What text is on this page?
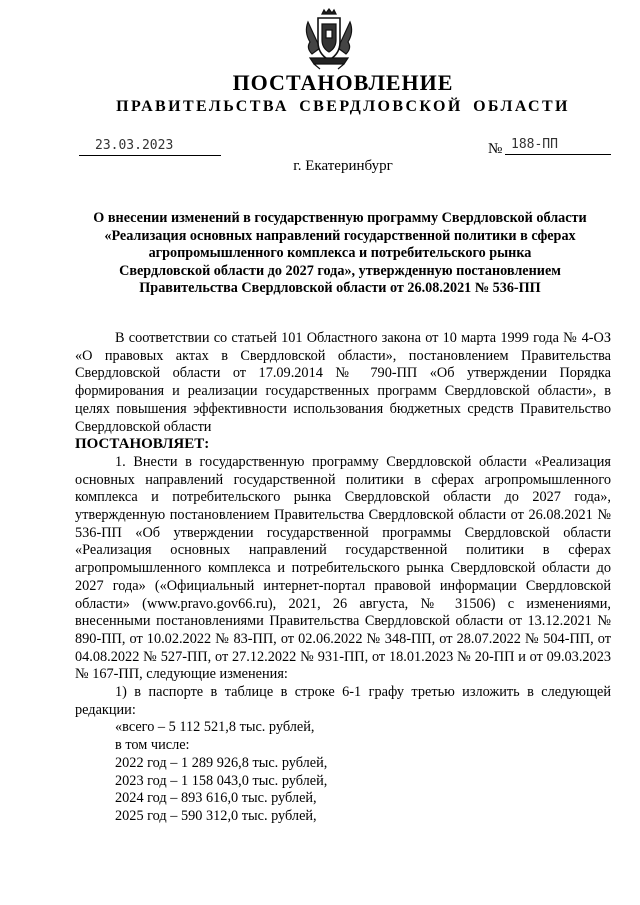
ПОСТАНОВЛЕНИЕ
ПРАВИТЕЛЬСТВА СВЕРДЛОВСКОЙ ОБЛАСТИ
23.03.2023	№ 188-ПП
г. Екатеринбург
О внесении изменений в государственную программу Свердловской области
«Реализация основных направлений государственной политики в сферах
агропромышленного комплекса и потребительского рынка
Свердловской области до 2027 года», утвержденную постановлением
Правительства Свердловской области от 26.08.2021 № 536-ПП

В соответствии со статьей 101 Областного закона от 10 марта 1999 года № 4-ОЗ «О правовых актах в Свердловской области», постановлением Правительства Свердловской области от 17.09.2014 № 790-ПП «Об утверждении Порядка формирования и реализации государственных программ Свердловской области», в целях повышения эффективности использования бюджетных средств Правительство Свердловской области

ПОСТАНОВЛЯЕТ:

1. Внести в государственную программу Свердловской области «Реализация основных направлений государственной политики в сферах агропромышленного комплекса и потребительского рынка Свердловской области до 2027 года», утвержденную постановлением Правительства Свердловской области от 26.08.2021 № 536-ПП «Об утверждении государственной программы Свердловской области «Реализация основных направлений государственной политики в сферах агропромышленного комплекса и потребительского рынка Свердловской области до 2027 года» («Официальный интернет-портал правовой информации Свердловской области» (www.pravo.gov66.ru), 2021, 26 августа, № 31506) с изменениями, внесенными постановлениями Правительства Свердловской области от 13.12.2021 № 890-ПП, от 10.02.2022 № 83-ПП, от 02.06.2022 № 348-ПП, от 28.07.2022 № 504-ПП, от 04.08.2022 № 527-ПП, от 27.12.2022 № 931-ПП, от 18.01.2023 № 20-ПП и от 09.03.2023 № 167-ПП, следующие изменения:

1) в паспорте в таблице в строке 6-1 графу третью изложить в следующей редакции:

«всего – 5 112 521,8 тыс. рублей,
в том числе:
2022 год – 1 289 926,8 тыс. рублей,
2023 год – 1 158 043,0 тыс. рублей,
2024 год – 893 616,0 тыс. рублей,
2025 год – 590 312,0 тыс. рублей,
